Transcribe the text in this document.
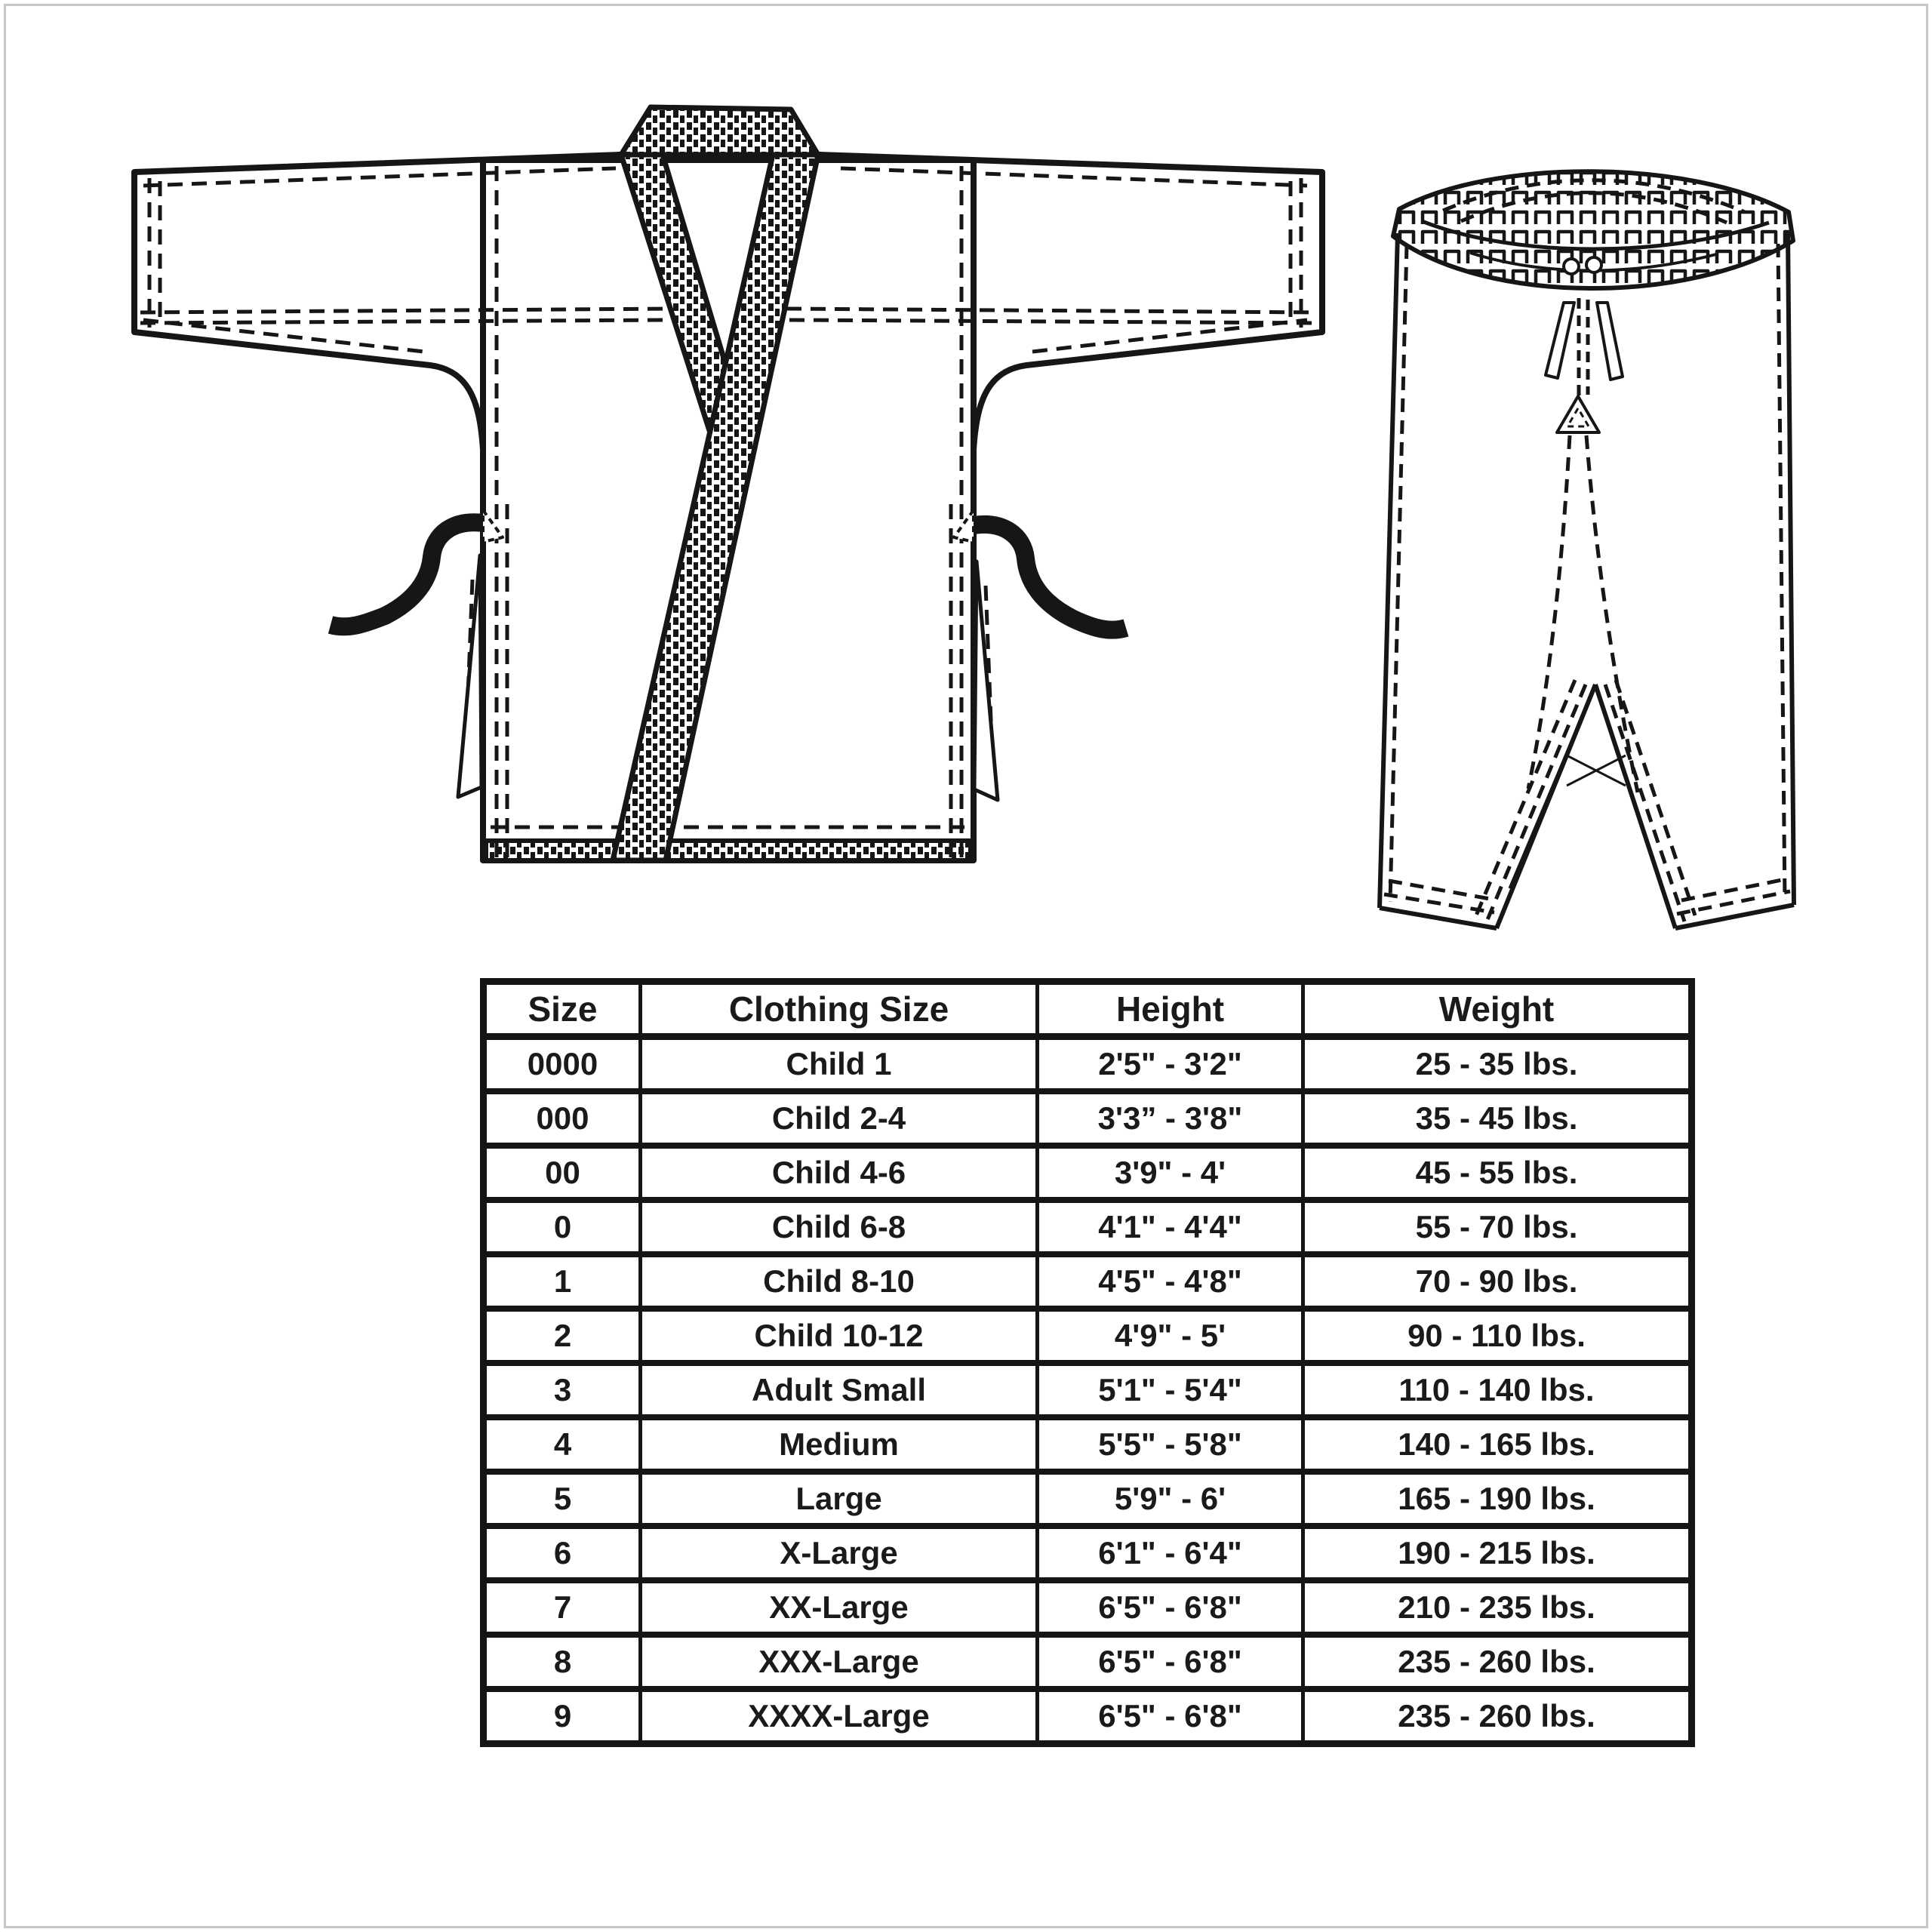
Size	Clothing Size	Height	Weight
0000	Child 1	2'5" - 3'2"	25 - 35 lbs.
000	Child 2-4	3'3” - 3'8"	35 - 45 lbs.
00	Child 4-6	3'9" - 4'	45 - 55 lbs.
0	Child 6-8	4'1" - 4'4"	55 - 70 lbs.
1	Child 8-10	4'5" - 4'8"	70 - 90 lbs.
2	Child 10-12	4'9" - 5'	90 - 110 lbs.
3	Adult Small	5'1" - 5'4"	110 - 140 lbs.
4	Medium	5'5" - 5'8"	140 - 165 lbs.
5	Large	5'9" - 6'	165 - 190 lbs.
6	X-Large	6'1" - 6'4"	190 - 215 lbs.
7	XX-Large	6'5" - 6'8"	210 - 235 lbs.
8	XXX-Large	6'5" - 6'8"	235 - 260 lbs.
9	XXXX-Large	6'5" - 6'8"	235 - 260 lbs.
